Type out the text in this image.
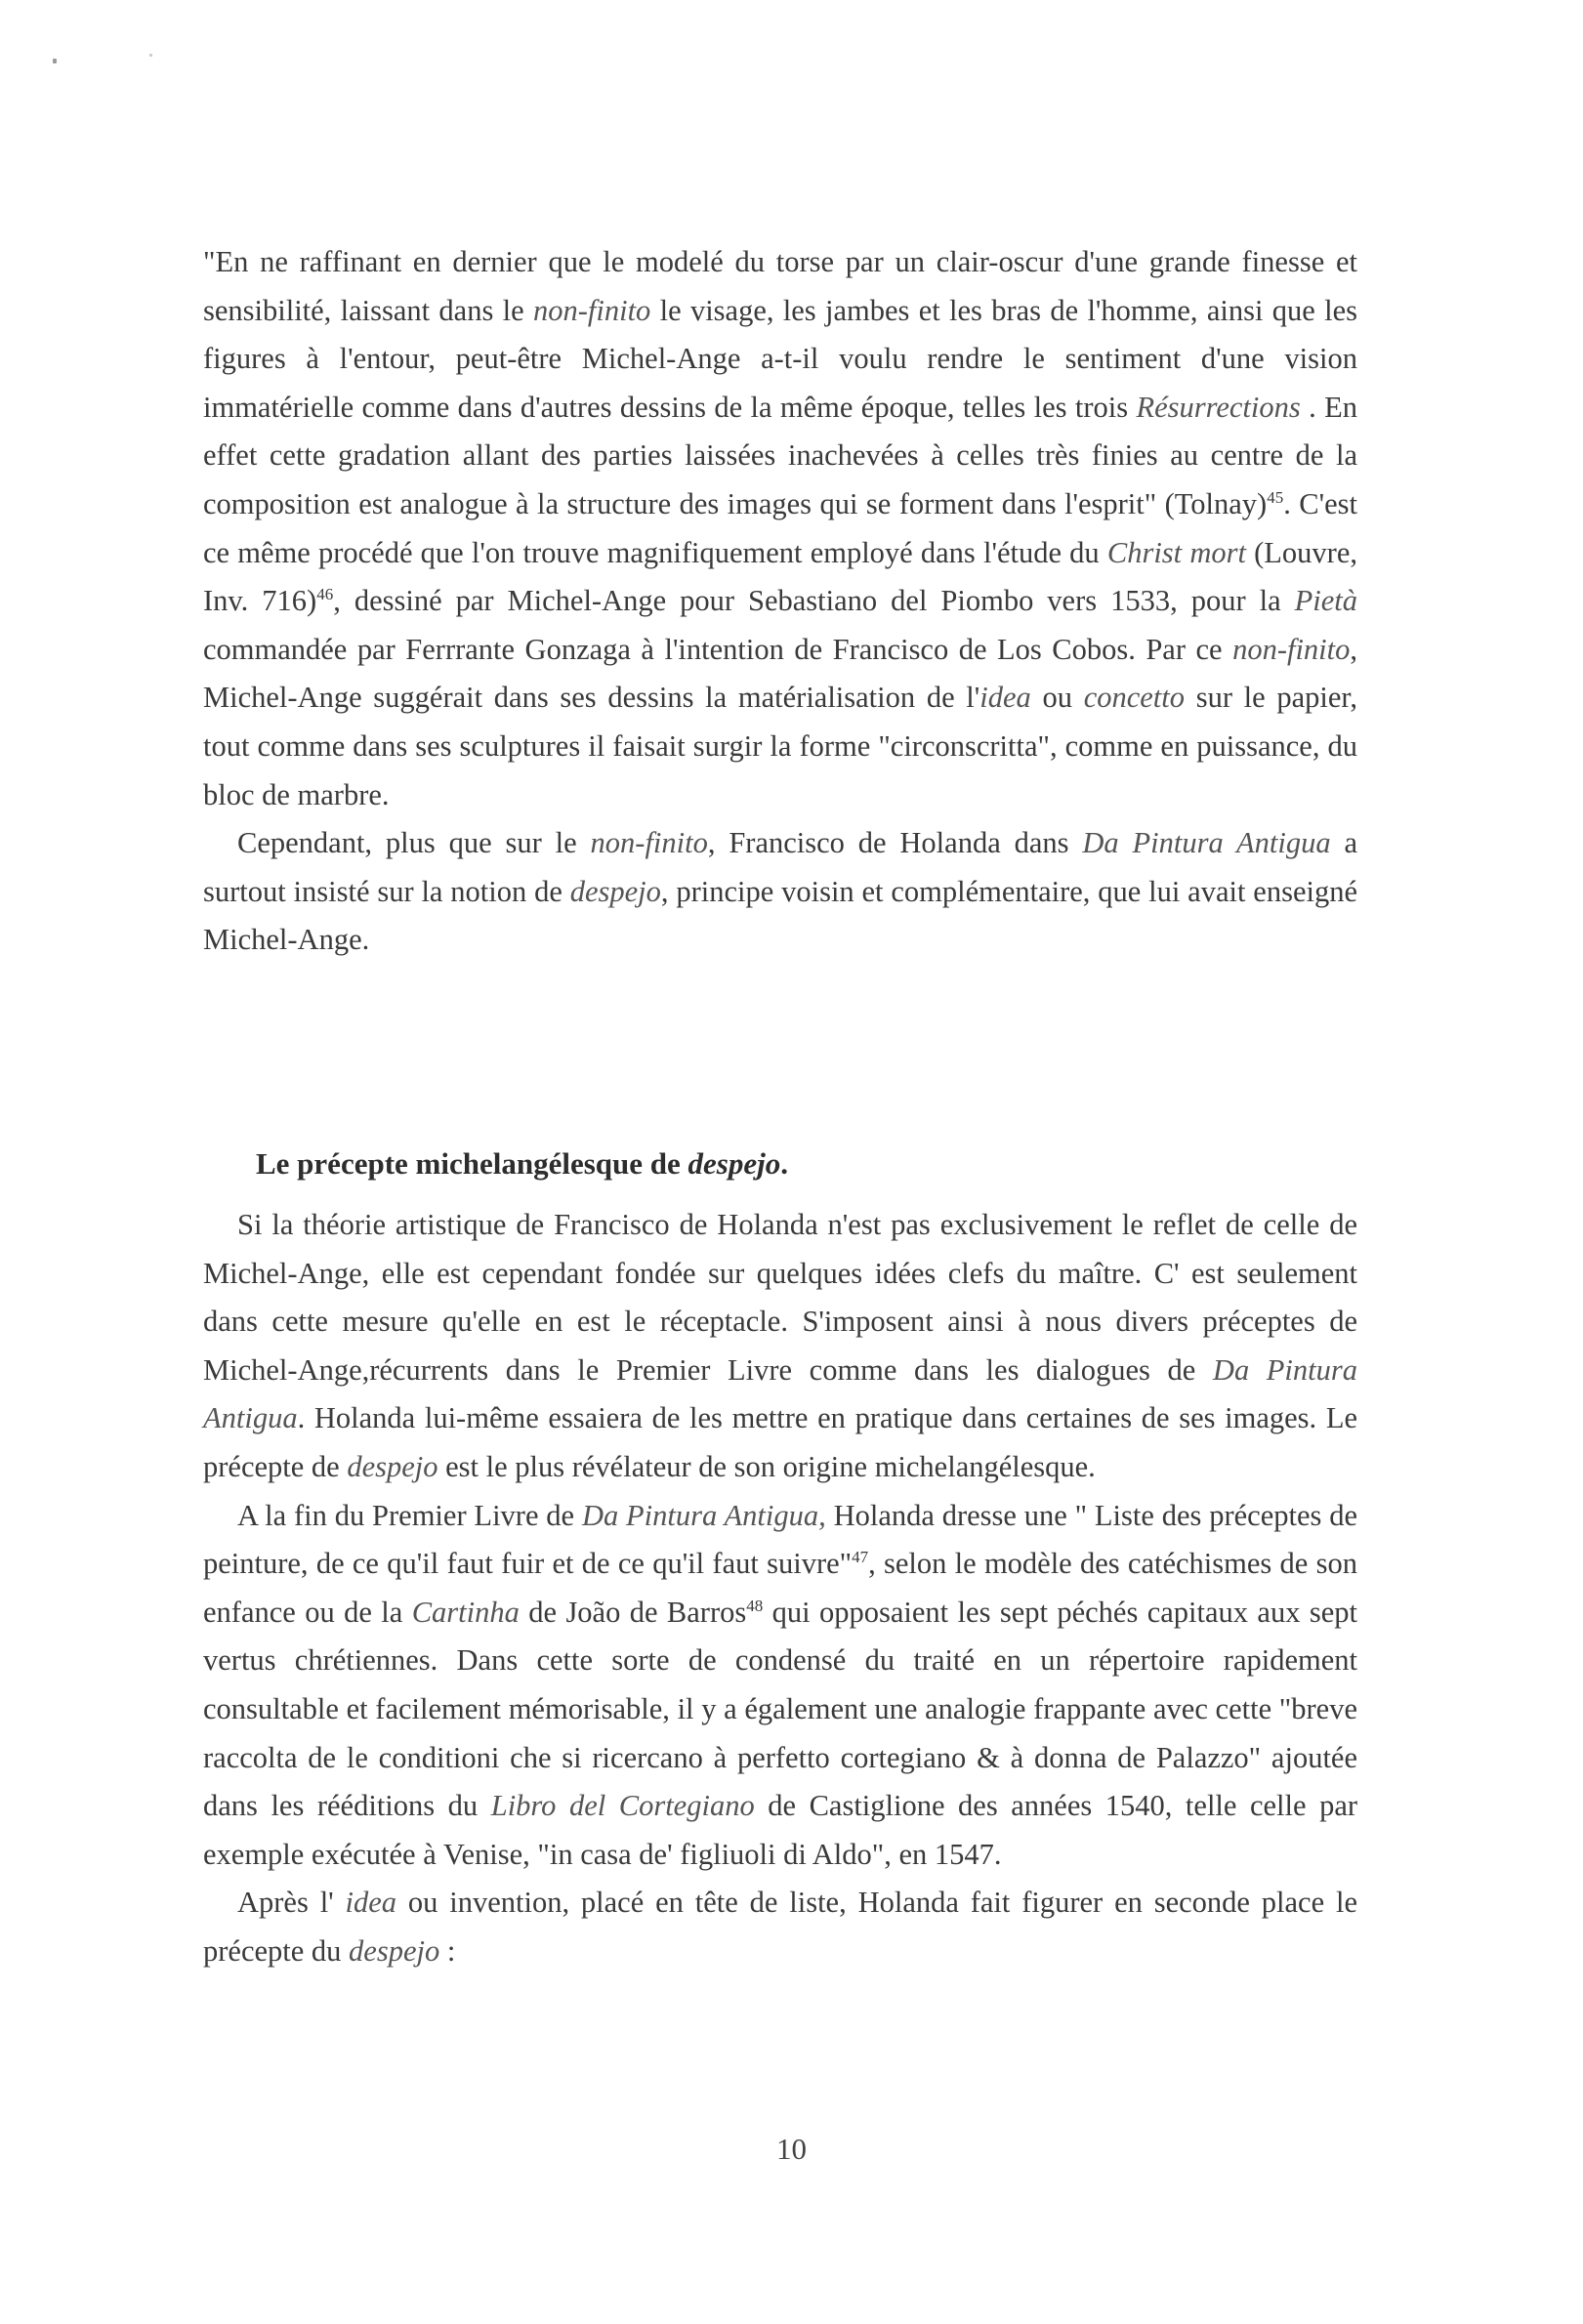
"En ne raffinant en dernier que le modelé du torse par un clair-oscur d'une grande finesse et sensibilité, laissant dans le non-finito le visage, les jambes et les bras de l'homme, ainsi que les figures à l'entour, peut-être Michel-Ange a-t-il voulu rendre le sentiment d'une vision immatérielle comme dans d'autres dessins de la même époque, telles les trois Résurrections . En effet cette gradation allant des parties laissées inachevées à celles très finies au centre de la composition est analogue à la structure des images qui se forment dans l'esprit" (Tolnay)$^{45}$. C'est ce même procédé que l'on trouve magnifiquement employé dans l'étude du Christ mort (Louvre, Inv. 716)$^{46}$, dessiné par Michel-Ange pour Sebastiano del Piombo vers 1533, pour la Pietà commandée par Ferrrante Gonzaga à l'intention de Francisco de Los Cobos. Par ce non-finito, Michel-Ange suggérait dans ses dessins la matérialisation de l'idea ou concetto sur le papier, tout comme dans ses sculptures il faisait surgir la forme "circonscritta", comme en puissance, du bloc de marbre.

Cependant, plus que sur le non-finito, Francisco de Holanda dans Da Pintura Antigua a surtout insisté sur la notion de despejo, principe voisin et complémentaire, que lui avait enseigné Michel-Ange.

Le précepte michelangélesque de despejo.

Si la théorie artistique de Francisco de Holanda n'est pas exclusivement le reflet de celle de Michel-Ange, elle est cependant fondée sur quelques idées clefs du maître. C' est seulement dans cette mesure qu'elle en est le réceptacle. S'imposent ainsi à nous divers préceptes de Michel-Ange,récurrents dans le Premier Livre comme dans les dialogues de Da Pintura Antigua. Holanda lui-même essaiera de les mettre en pratique dans certaines de ses images. Le précepte de despejo est le plus révélateur de son origine michelangélesque.

A la fin du Premier Livre de Da Pintura Antigua, Holanda dresse une " Liste des préceptes de peinture, de ce qu'il faut fuir et de ce qu'il faut suivre"$^{47}$, selon le modèle des catéchismes de son enfance ou de la Cartinha de João de Barros$^{48}$ qui opposaient les sept péchés capitaux aux sept vertus chrétiennes. Dans cette sorte de condensé du traité en un répertoire rapidement consultable et facilement mémorisable, il y a également une analogie frappante avec cette "breve raccolta de le conditioni che si ricercano à perfetto cortegiano & à donna de Palazzo" ajoutée dans les rééditions du Libro del Cortegiano de Castiglione des années 1540, telle celle par exemple exécutée à Venise, "in casa de' figliuoli di Aldo", en 1547.

Après l' idea ou invention, placé en tête de liste, Holanda fait figurer en seconde place le précepte du despejo :

10
